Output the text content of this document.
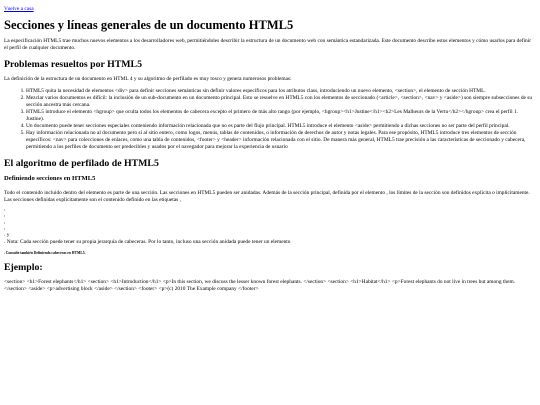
Vuelve a casa
Secciones y líneas generales de un documento HTML5

La especificación HTML5 trae muchos nuevos elementos a los desarrolladores web, permitiéndoles describir la estructura de un documento web con semántica estandarizada. Este documento describe estos elementos y cómo usarlos para definir el perfil de cualquier documento.

Problemas resueltos por HTML5

La definición de la estructura de un documento en HTML 4 y su algoritmo de perfilado es muy tosco y genera numerosos problemas:

1. HTML5 quita la necesidad de elementos <div> para definir secciones semánticas sin definir valores específicos para los atributos class, introduciendo un nuevo elemento, <section>, el elemento de sección HTML.
2. Mezclar varios documentos es difícil: la inclusión de un sub-documento en un documento principal. Esto se resuelve en HTML5 con los elementos de seccionado (<article>, <section>, <nav> y <aside>) son siempre subsecciones de su sección ancestra más cercana.
3. HTML5 introduce el elemento <hgroup> que oculta todos los elementos de cabecera excepto el primero de más alto rango (por ejemplo, <hgroup><h1>Justine</h1><h2>Les Malheurs de la Vertu</h2></hgroup> crea el perfil 1. Justine).
4. Un documento puede tener secciones especiales conteniendo información relacionada que no es parte del flujo principal. HTML5 introduce el elemento <aside> permitiendo a dichas secciones no ser parte del perfil principal.
5. Hay información relacionada no al documento pero sí al sitio entero, como logos, menús, tablas de contenidos, o información de derechos de autor y notas legales. Para ese propósito, HTML5 introduce tres elementos de sección específicos: <nav> para colecciones de enlaces, como una tabla de contenidos, <footer> y <header> información relacionada con el sitio. De manera más general, HTML5 trae precisión a las características de seccionado y cabecera, permitiendo a los perfiles de documento ser predecibles y usados por el navegador para mejorar la experiencia de usuario
El algoritmo de perfilado de HTML5
Definiendo secciones en HTML5

Todo el contenido incluido dentro del elemento es parte de una sección. Las secciones en HTML5 pueden ser anidadas. Además de la sección principal, definida por el elemento , los límites de la sección son definidos explícita o implícitamente. Las secciones definidas explícitamente son el contenido definido en las etiquetas ,

,
,
,
,
. y

. Nota: Cada sección puede tener su propia jerarquía de cabeceras. Por lo tanto, incluso una sección anidada puede tener un elemento

. Consulte también Definiendo cabeceras en HTML5.
Ejemplo:

<section> <h1>Forest elephants</h1> <section> <h1>Introduction</h1> <p>In this section, we discuss the lesser known forest elephants. </section> <section> <h1>Habitat</h1> <p>Forest elephants do not live in trees but among them. </section> <aside> <p>advertising block </aside> </section> <footer> <p>(c) 2010 The Example company </footer>
